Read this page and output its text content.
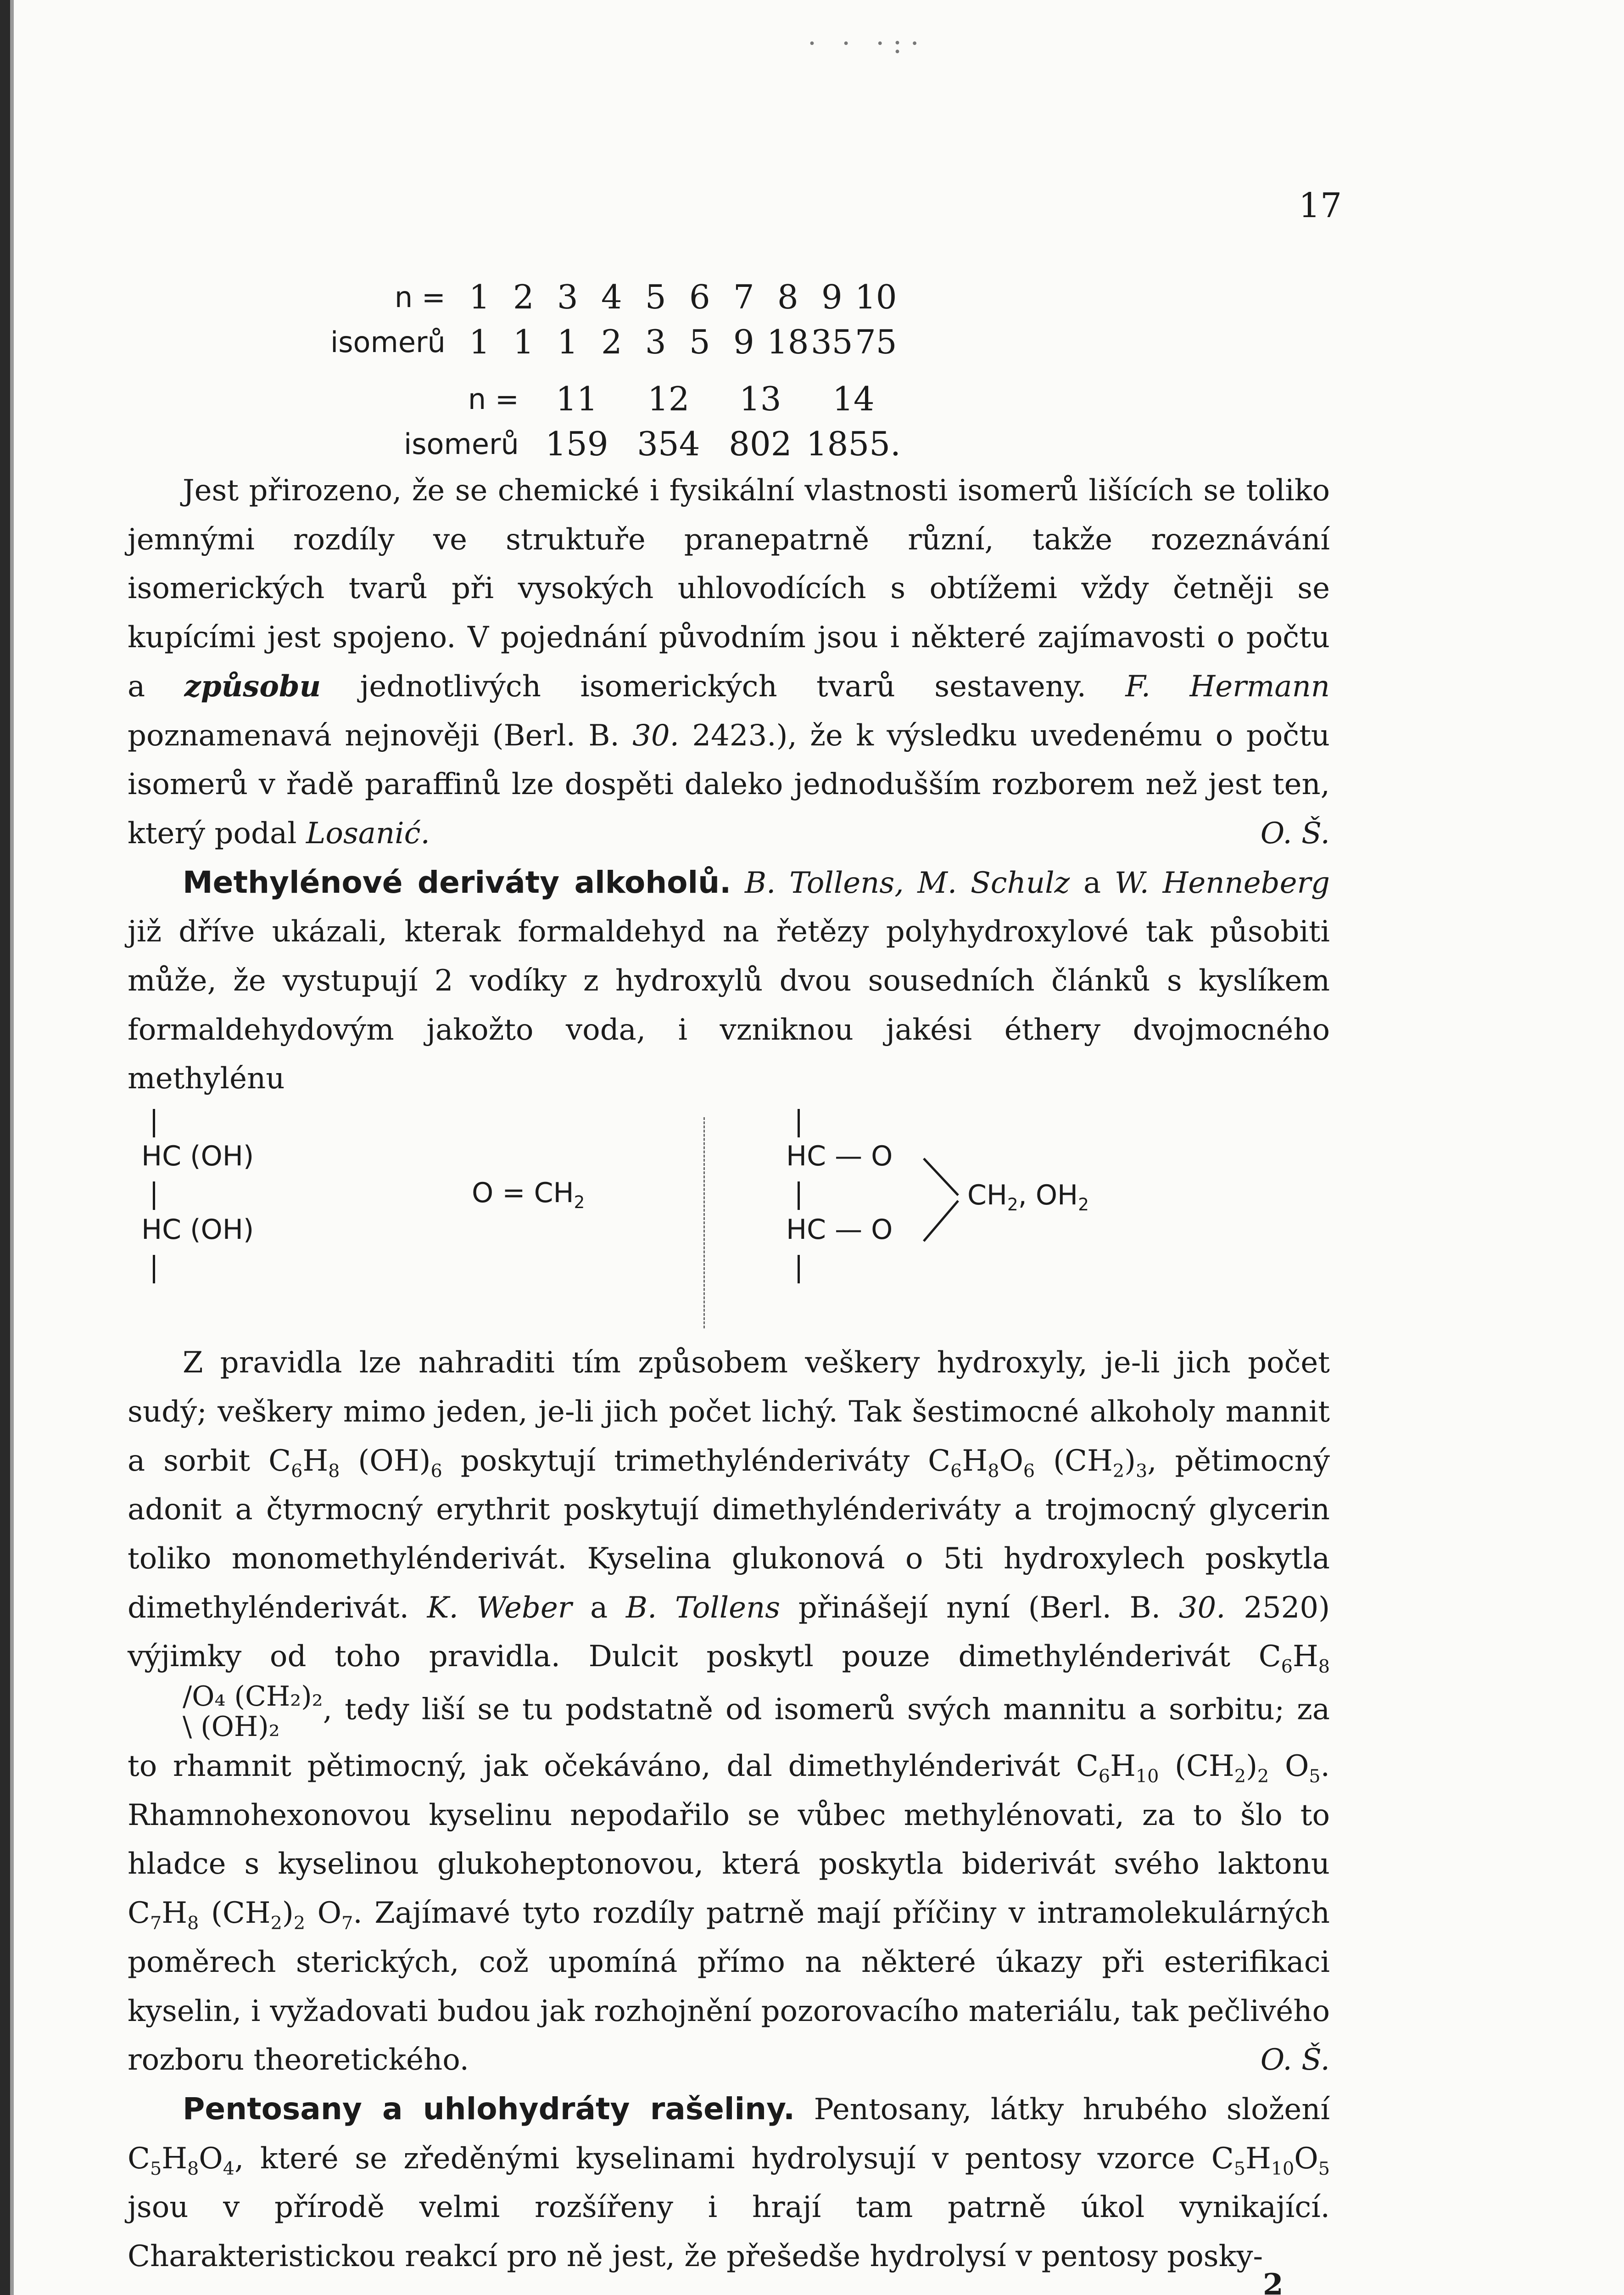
· · ·:·
17
n =	1	2	3	4	5	6	7	8	9	10
isomerů	1	1	1	2	3	5	9	18	35	75
n =	11	12	13	14
isomerů	159	354	802	1855.

Jest přirozeno, že se chemické i fysikální vlastnosti isomerů lišících se toliko jemnými rozdíly ve struktuře pranepatrně různí, takže rozeznávání isomerických tvarů při vysokých uhlovodících s obtížemi vždy četněji se kupícími jest spojeno. V pojednání původním jsou i některé zajímavosti o počtu a způsobu jednotlivých isomerických tvarů sestaveny. F. Hermann poznamenavá nejnověji (Berl. B. 30. 2423.), že k výsledku uvedenému o počtu isomerů v řadě paraffinů lze dospěti daleko jednodušším rozborem než jest ten, který podal Losanić.	O. Š.

Methylénové deriváty alkoholů. B. Tollens, M. Schulz a W. Henneberg již dříve ukázali, kterak formaldehyd na řetězy polyhydroxylové tak působiti může, že vystupují 2 vodíky z hydroxylů dvou sousedních článků s kyslíkem formaldehydovým jakožto voda, i vzniknou jakési éthery dvojmocného methylénu

HC (OH)
HC (OH)
$O = CH_2$
HC — O
HC — O
$CH_2$, $OH_2$

Z pravidla lze nahraditi tím způsobem veškery hydroxyly, je-li jich počet sudý; veškery mimo jeden, je-li jich počet lichý. Tak šestimocné alkoholy mannit a sorbit $C_6H_8$ $(OH)_6$ poskytují trimethylénderiváty $C_6H_8O_6$ $(CH_2)_3$, pětimocný adonit a čtyrmocný erythrit poskytují dimethylénderiváty a trojmocný glycerin toliko monomethylénderivát. Kyselina glukonová o 5ti hydroxylech poskytla dimethylénderivát. K. Weber a B. Tollens přinášejí nyní (Berl. B. 30. 2520) výjimky od toho pravidla. Dulcit poskytl pouze dimethylénderivát $C_6H_8$
/O₄ (CH₂)₂
\ (OH)₂
, tedy liší se tu podstatně od isomerů svých mannitu a sorbitu; za to rhamnit pětimocný, jak očekáváno, dal dimethylénderivát $C_6H_{10}$ $(CH_2)_2$ $O_5$. Rhamnohexonovou kyselinu nepodařilo se vůbec methylénovati, za to šlo to hladce s kyselinou glukoheptonovou, která poskytla biderivát svého laktonu $C_7H_8$ $(CH_2)_2$ $O_7$. Zajímavé tyto rozdíly patrně mají příčiny v intramolekulárných poměrech sterických, což upomíná přímo na některé úkazy při esterifikaci kyselin, i vyžadovati budou jak rozhojnění pozorovacího materiálu, tak pečlivého rozboru theoretického.	O. Š.

Pentosany a uhlohydráty rašeliny. Pentosany, látky hrubého složení $C_5H_8O_4$, které se zředěnými kyselinami hydrolysují v pentosy vzorce $C_5H_{10}O_5$ jsou v přírodě velmi rozšířeny i hrají tam patrně úkol vynikající. Charakteristickou reakcí pro ně jest, že přešedše hydrolysí v pentosy posky-

2
